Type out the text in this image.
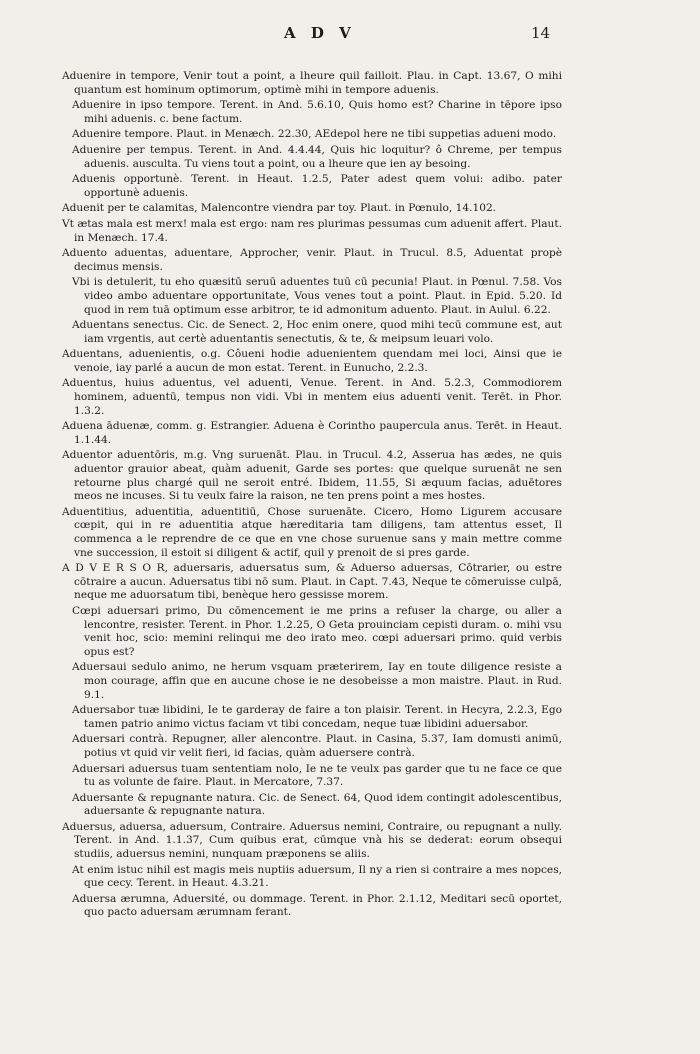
A D V	14

Aduenire in tempore, Venir tout a point, a lheure quil failloit. Plau. in Capt. 13.67, O mihi quantum est hominum optimorum, optimè mihi in tempore aduenis.

Aduenire in ipso tempore. Terent. in And. 5.6.10, Quis homo est? Charine in tēpore ipso mihi aduenis. c. bene factum.

Aduenire tempore. Plaut. in Menæch. 22.30, AEdepol here ne tibi suppetias adueni modo.

Aduenire per tempus. Terent. in And. 4.4.44, Quis hic loquitur? ô Chreme, per tempus aduenis. ausculta. Tu viens tout a point, ou a lheure que ien ay besoing.

Aduenis opportunè. Terent. in Heaut. 1.2.5, Pater adest quem volui: adibo. pater opportunè aduenis.

Aduenit per te calamitas, Malencontre viendra par toy. Plaut. in Pœnulo, 14.102.

Vt ætas mala est merx! mala est ergo: nam res plurimas pessumas cum aduenit affert. Plaut. in Menæch. 17.4.

Aduento aduentas, aduentare, Approcher, venir. Plaut. in Trucul. 8.5, Aduentat propè decimus mensis.

Vbi is detulerit, tu eho quæsitū seruū aduentes tuū cū pecunia! Plaut. in Pœnul. 7.58. Vos video ambo aduentare opportunitate, Vous venes tout a point. Plaut. in Epid. 5.20. Id quod in rem tuā optimum esse arbitror, te id admonitum aduento. Plaut. in Aulul. 6.22.

Aduentans senectus. Cic. de Senect. 2, Hoc enim onere, quod mihi tecū commune est, aut iam vrgentis, aut certè aduentantis senectutis, & te, & meipsum leuari volo.

Aduentans, aduenientis, o.g. Côueni hodie aduenientem quendam mei loci, Ainsi que ie venoie, iay parlé a aucun de mon estat. Terent. in Eunucho, 2.2.3.

Aduentus, huius aduentus, vel aduenti, Venue. Terent. in And. 5.2.3, Commodiorem hominem, aduentū, tempus non vidi. Vbi in mentem eius aduenti venit. Terēt. in Phor. 1.3.2.

Aduena āduenæ, comm. g. Estrangier. Aduena è Corintho paupercula anus. Terēt. in Heaut. 1.1.44.

Aduentor aduentōris, m.g. Vng suruenāt. Plau. in Trucul. 4.2, Asserua has ædes, ne quis aduentor grauior abeat, quàm aduenit, Garde ses portes: que quelque suruenāt ne sen retourne plus chargé quil ne seroit entré. Ibidem, 11.55, Si æquum facias, aduētores meos ne incuses. Si tu veulx faire la raison, ne ten prens point a mes hostes.

Aduentitius, aduentitia, aduentitiū, Chose suruenāte. Cicero, Homo Ligurem accusare cœpit, qui in re aduentitia atque hæreditaria tam diligens, tam attentus esset, Il commenca a le reprendre de ce que en vne chose suruenue sans y main mettre comme vne succession, il estoit si diligent & actif, quil y prenoit de si pres garde.

A D V E R S O R, aduersaris, aduersatus sum, & Aduerso aduersas, Cōtrarier, ou estre cōtraire a aucun. Aduersatus tibi nō sum. Plaut. in Capt. 7.43, Neque te cōmeruisse culpā, neque me aduorsatum tibi, benèque hero gessisse morem.

Cœpi aduersari primo, Du cōmencement ie me prins a refuser la charge, ou aller a lencontre, resister. Terent. in Phor. 1.2.25, O Geta prouinciam cepisti duram. o. mihi vsu venit hoc, scio: memini relinqui me deo irato meo. cœpi aduersari primo. quid verbis opus est?

Aduersaui sedulo animo, ne herum vsquam præterirem, Iay en toute diligence resiste a mon courage, affin que en aucune chose ie ne desobeisse a mon maistre. Plaut. in Rud. 9.1.

Aduersabor tuæ libidini, Ie te garderay de faire a ton plaisir. Terent. in Hecyra, 2.2.3, Ego tamen patrio animo victus faciam vt tibi concedam, neque tuæ libidini aduersabor.

Aduersari contrà. Repugner, aller alencontre. Plaut. in Casina, 5.37, Iam domusti animū, potius vt quid vir velit fieri, id facias, quàm aduersere contrà.

Aduersari aduersus tuam sententiam nolo, Ie ne te veulx pas garder que tu ne face ce que tu as volunte de faire. Plaut. in Mercatore, 7.37.

Aduersante & repugnante natura. Cic. de Senect. 64, Quod idem contingit adolescentibus, aduersante & repugnante natura.

Aduersus, aduersa, aduersum, Contraire. Aduersus nemini, Contraire, ou repugnant a nully. Terent. in And. 1.1.37, Cum quibus erat, cūmque vnà his se dederat: eorum obsequi studiis, aduersus nemini, nunquam præponens se aliis.

At enim istuc nihil est magis meis nuptiis aduersum, Il ny a rien si contraire a mes nopces, que cecy. Terent. in Heaut. 4.3.21.

Aduersa ærumna, Aduersité, ou dommage. Terent. in Phor. 2.1.12, Meditari secū oportet, quo pacto aduersam ærumnam ferant.
